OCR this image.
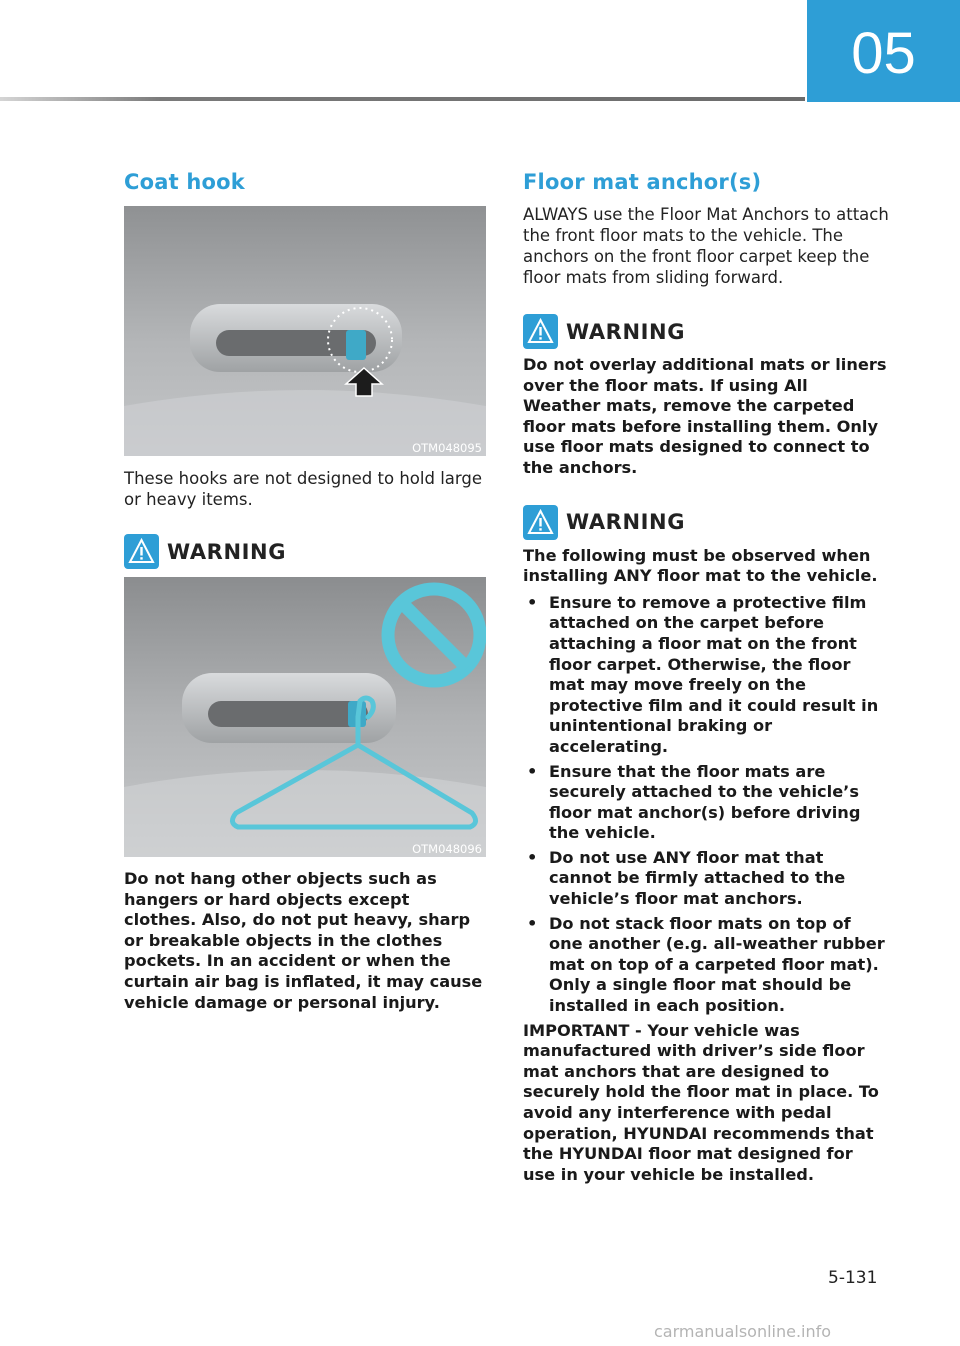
05
Coat hook
OTM048095

These hooks are not designed to hold large or heavy items.

WARNING
OTM048096

Do not hang other objects such as hangers or hard objects except clothes. Also, do not put heavy, sharp or breakable objects in the clothes pockets. In an accident or when the curtain air bag is inflated, it may cause vehicle damage or personal injury.

Floor mat anchor(s)

ALWAYS use the Floor Mat Anchors to attach the front floor mats to the vehicle. The anchors on the front floor carpet keep the floor mats from sliding forward.

WARNING

Do not overlay additional mats or liners over the floor mats. If using All Weather mats, remove the carpeted floor mats before installing them. Only use floor mats designed to connect to the anchors.

WARNING

The following must be observed when installing ANY floor mat to the vehicle.

• Ensure to remove a protective film attached on the carpet before attaching a floor mat on the front floor carpet. Otherwise, the floor mat may move freely on the protective film and it could result in unintentional braking or accelerating.
• Ensure that the floor mats are securely attached to the vehicle’s floor mat anchor(s) before driving the vehicle.
• Do not use ANY floor mat that cannot be firmly attached to the vehicle’s floor mat anchors.
• Do not stack floor mats on top of one another (e.g. all-weather rubber mat on top of a carpeted floor mat). Only a single floor mat should be installed in each position.

IMPORTANT - Your vehicle was manufactured with driver’s side floor mat anchors that are designed to securely hold the floor mat in place. To avoid any interference with pedal operation, HYUNDAI recommends that the HYUNDAI floor mat designed for use in your vehicle be installed.

5-131
carmanualsonline.info
